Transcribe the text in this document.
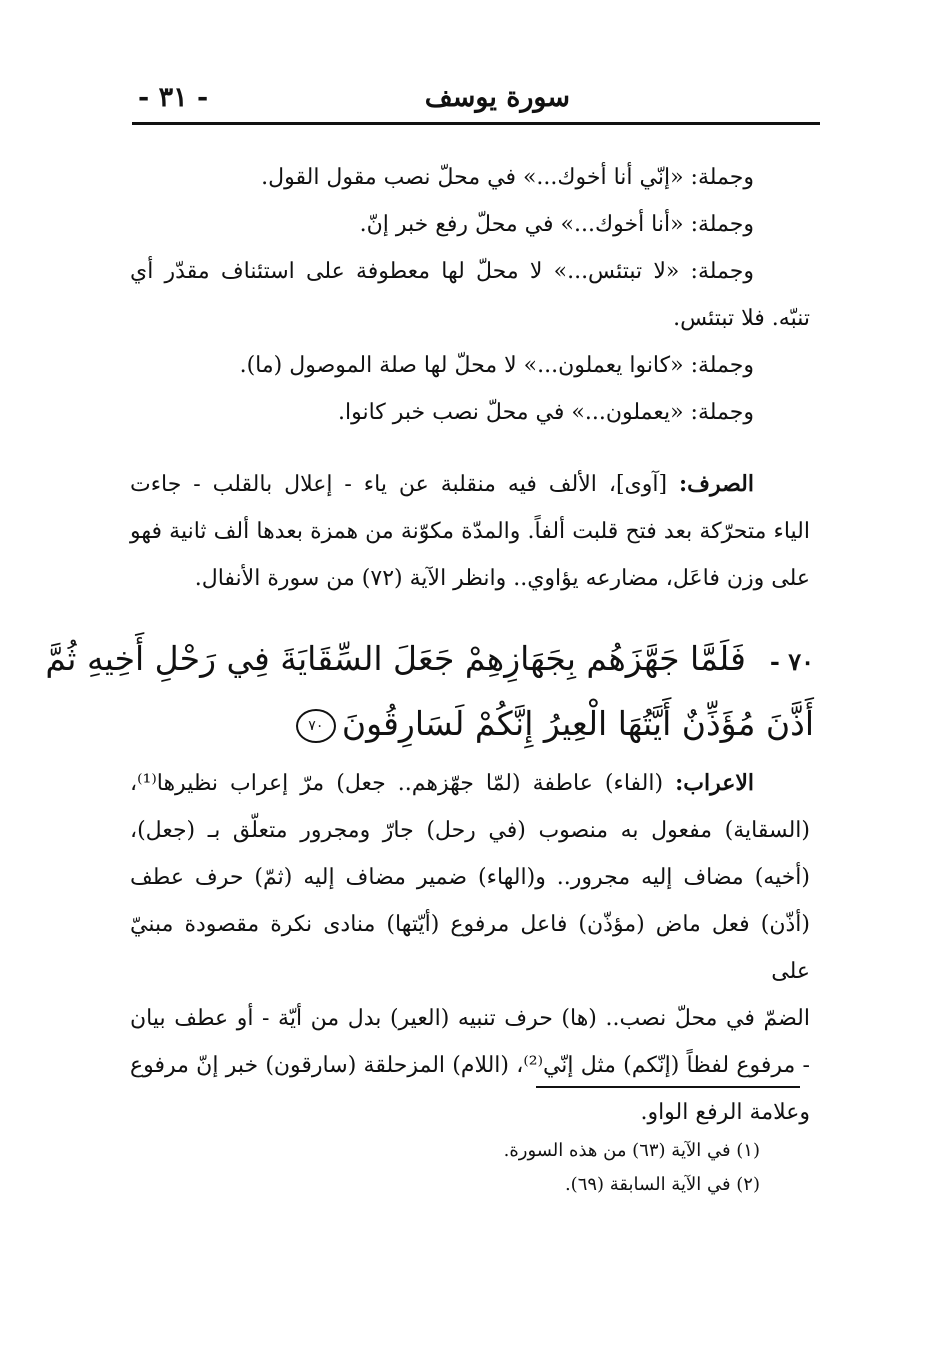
سورة يوسف
- ٣١ -
وجملة: «إنّي أنا أخوك...» في محلّ نصب مقول القول.
وجملة: «أنا أخوك...» في محلّ رفع خبر إنّ.
وجملة: «لا تبتئس...» لا محلّ لها معطوفة على استئناف مقدّر أي
تنبّه. فلا تبتئس.
وجملة: «كانوا يعملون...» لا محلّ لها صلة الموصول (ما).
وجملة: «يعملون...» في محلّ نصب خبر كانوا.
الصرف: [آوى]، الألف فيه منقلبة عن ياء - إعلال بالقلب - جاءت
الياء متحرّكة بعد فتح قلبت ألفاً. والمدّة مكوّنة من همزة بعدها ألف ثانية فهو
على وزن فاعَل، مضارعه يؤاوي.. وانظر الآية (٧٢) من سورة الأنفال.
٧٠ -فَلَمَّا جَهَّزَهُم بِجَهَازِهِمْ جَعَلَ السِّقَايَةَ فِي رَحْلِ أَخِيهِ ثُمَّ
أَذَّنَ مُؤَذِّنٌ أَيَّتُهَا الْعِيرُ إِنَّكُمْ لَسَارِقُونَ٧٠
الاعراب: (الفاء) عاطفة (لمّا جهّزهم.. جعل) مرّ إعراب نظيرها⁽¹⁾،
(السقاية) مفعول به منصوب (في رحل) جارّ ومجرور متعلّق بـ (جعل)،
(أخيه) مضاف إليه مجرور.. و(الهاء) ضمير مضاف إليه (ثمّ) حرف عطف
(أذّن) فعل ماض (مؤذّن) فاعل مرفوع (أيّتها) منادى نكرة مقصودة مبنيّ على
الضمّ في محلّ نصب.. (ها) حرف تنبيه (العير) بدل من أيّة - أو عطف بيان
- مرفوع لفظاً (إنّكم) مثل إنّي⁽²⁾، (اللام) المزحلقة (سارقون) خبر إنّ مرفوع
وعلامة الرفع الواو.
(١) في الآية (٦٣) من هذه السورة.
(٢) في الآية السابقة (٦٩).
